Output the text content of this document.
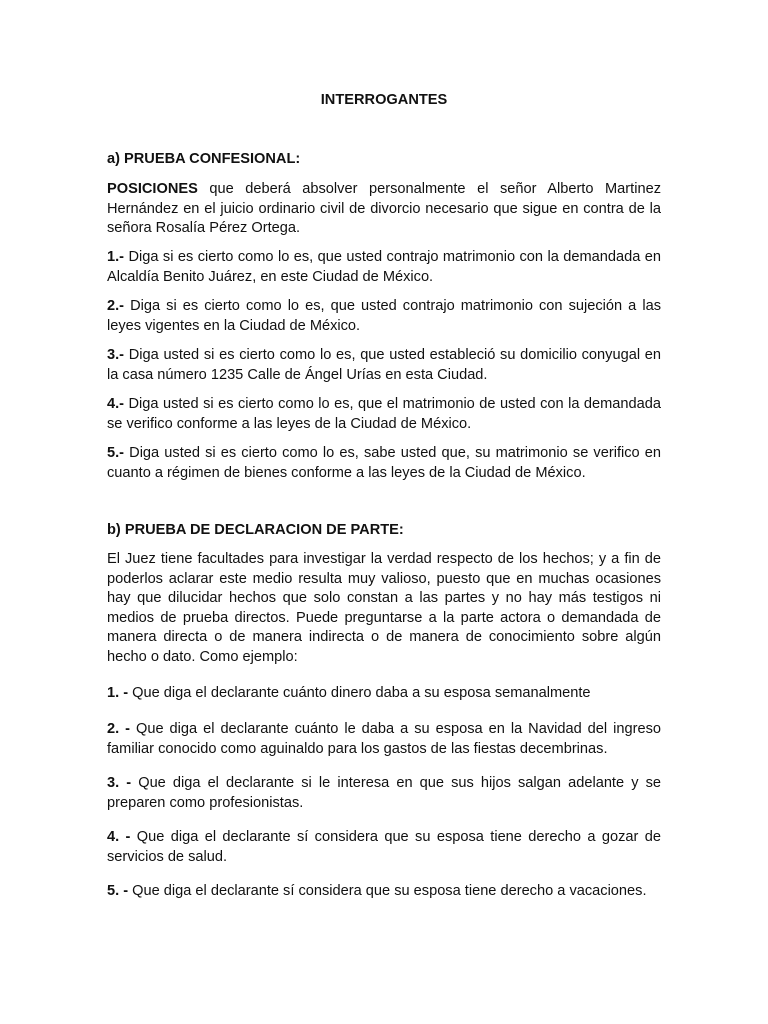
INTERROGANTES
a) PRUEBA CONFESIONAL:

POSICIONES que deberá absolver personalmente el señor Alberto Martinez Hernández en el juicio ordinario civil de divorcio necesario que sigue en contra de la señora Rosalía Pérez Ortega.

1.- Diga si es cierto como lo es, que usted contrajo matrimonio con la demandada en Alcaldía Benito Juárez, en este Ciudad de México.

2.- Diga si es cierto como lo es, que usted contrajo matrimonio con sujeción a las leyes vigentes en la Ciudad de México.

3.- Diga usted si es cierto como lo es, que usted estableció su domicilio conyugal en la casa número 1235 Calle de Ángel Urías en esta Ciudad.

4.- Diga usted si es cierto como lo es, que el matrimonio de usted con la demandada se verifico conforme a las leyes de la Ciudad de México.

5.- Diga usted si es cierto como lo es, sabe usted que, su matrimonio se verifico en cuanto a régimen de bienes conforme a las leyes de la Ciudad de México.

b) PRUEBA DE DECLARACION DE PARTE:

El Juez tiene facultades para investigar la verdad respecto de los hechos; y a fin de poderlos aclarar este medio resulta muy valioso, puesto que en muchas ocasiones hay que dilucidar hechos que solo constan a las partes y no hay más testigos ni medios de prueba directos. Puede preguntarse a la parte actora o demandada de manera directa o de manera indirecta o de manera de conocimiento sobre algún hecho o dato. Como ejemplo:

1. - Que diga el declarante cuánto dinero daba a su esposa semanalmente

2. - Que diga el declarante cuánto le daba a su esposa en la Navidad del ingreso familiar conocido como aguinaldo para los gastos de las fiestas decembrinas.

3. - Que diga el declarante si le interesa en que sus hijos salgan adelante y se preparen como profesionistas.

4. - Que diga el declarante sí considera que su esposa tiene derecho a gozar de servicios de salud.

5. - Que diga el declarante sí considera que su esposa tiene derecho a vacaciones.
